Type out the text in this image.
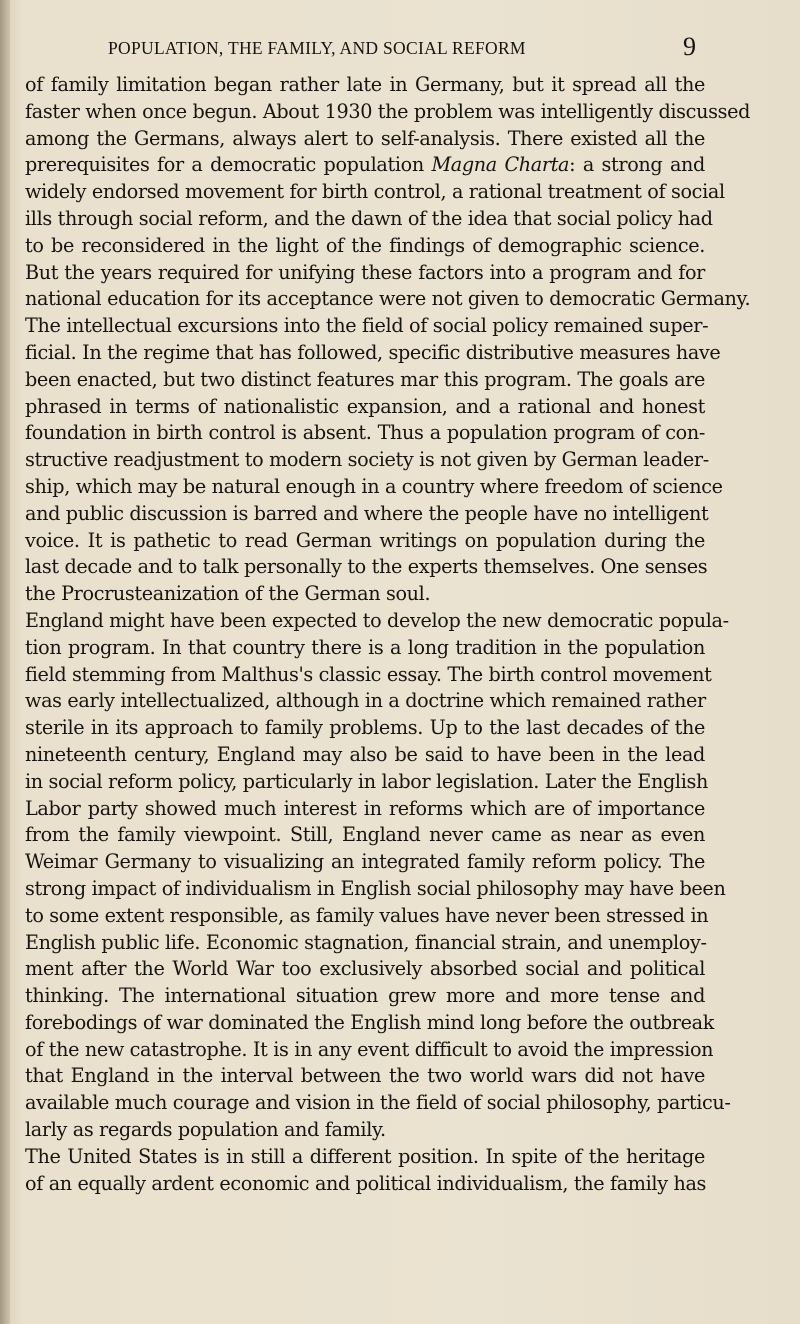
POPULATION, THE FAMILY, AND SOCIAL REFORM	9
of family limitation began rather late in Germany, but it spread all the
faster when once begun. About 1930 the problem was intelligently discussed
among the Germans, always alert to self-analysis. There existed all the
prerequisites for a democratic population Magna Charta: a strong and
widely endorsed movement for birth control, a rational treatment of social
ills through social reform, and the dawn of the idea that social policy had
to be reconsidered in the light of the findings of demographic science.
But the years required for unifying these factors into a program and for
national education for its acceptance were not given to democratic Germany.
The intellectual excursions into the field of social policy remained super-
ficial. In the regime that has followed, specific distributive measures have
been enacted, but two distinct features mar this program. The goals are
phrased in terms of nationalistic expansion, and a rational and honest
foundation in birth control is absent. Thus a population program of con-
structive readjustment to modern society is not given by German leader-
ship, which may be natural enough in a country where freedom of science
and public discussion is barred and where the people have no intelligent
voice. It is pathetic to read German writings on population during the
last decade and to talk personally to the experts themselves. One senses
the Procrusteanization of the German soul.
England might have been expected to develop the new democratic popula-
tion program. In that country there is a long tradition in the population
field stemming from Malthus's classic essay. The birth control movement
was early intellectualized, although in a doctrine which remained rather
sterile in its approach to family problems. Up to the last decades of the
nineteenth century, England may also be said to have been in the lead
in social reform policy, particularly in labor legislation. Later the English
Labor party showed much interest in reforms which are of importance
from the family viewpoint. Still, England never came as near as even
Weimar Germany to visualizing an integrated family reform policy. The
strong impact of individualism in English social philosophy may have been
to some extent responsible, as family values have never been stressed in
English public life. Economic stagnation, financial strain, and unemploy-
ment after the World War too exclusively absorbed social and political
thinking. The international situation grew more and more tense and
forebodings of war dominated the English mind long before the outbreak
of the new catastrophe. It is in any event difficult to avoid the impression
that England in the interval between the two world wars did not have
available much courage and vision in the field of social philosophy, particu-
larly as regards population and family.
The United States is in still a different position. In spite of the heritage
of an equally ardent economic and political individualism, the family has
